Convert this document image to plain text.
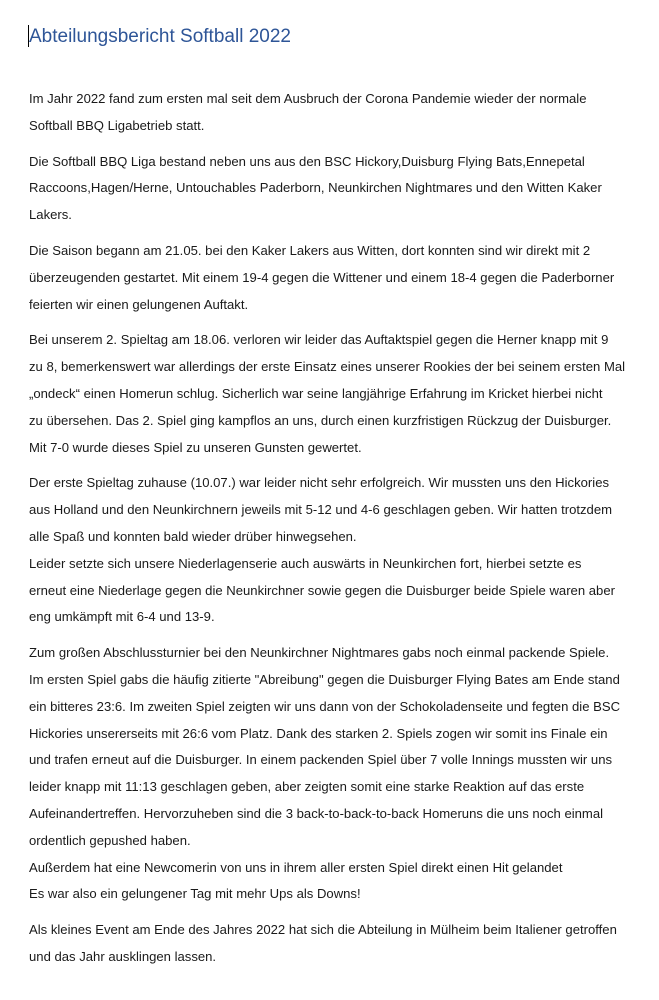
Abteilungsbericht Softball 2022

Im Jahr 2022 fand zum ersten mal seit dem Ausbruch der Corona Pandemie wieder der normale
Softball BBQ Ligabetrieb statt.

Die Softball BBQ Liga bestand neben uns aus den BSC Hickory,Duisburg Flying Bats,Ennepetal
Raccoons,Hagen/Herne, Untouchables Paderborn, Neunkirchen Nightmares und den Witten Kaker
Lakers.

Die Saison begann am 21.05. bei den Kaker Lakers aus Witten, dort konnten sind wir direkt mit 2
überzeugenden gestartet. Mit einem 19-4 gegen die Wittener und einem 18-4 gegen die Paderborner
feierten wir einen gelungenen Auftakt.

Bei unserem 2. Spieltag am 18.06. verloren wir leider das Auftaktspiel gegen die Herner knapp mit 9
zu 8, bemerkenswert war allerdings der erste Einsatz eines unserer Rookies der bei seinem ersten Mal
„ondeck“ einen Homerun schlug. Sicherlich war seine langjährige Erfahrung im Kricket hierbei nicht
zu übersehen. Das 2. Spiel ging kampflos an uns, durch einen kurzfristigen Rückzug der Duisburger.
Mit 7-0 wurde dieses Spiel zu unseren Gunsten gewertet.

Der erste Spieltag zuhause (10.07.) war leider nicht sehr erfolgreich. Wir mussten uns den Hickories
aus Holland und den Neunkirchnern jeweils mit 5-12 und 4-6 geschlagen geben. Wir hatten trotzdem
alle Spaß und konnten bald wieder drüber hinwegsehen.
Leider setzte sich unsere Niederlagenserie auch auswärts in Neunkirchen fort, hierbei setzte es
erneut eine Niederlage gegen die Neunkirchner sowie gegen die Duisburger beide Spiele waren aber
eng umkämpft mit 6-4 und 13-9.

Zum großen Abschlussturnier bei den Neunkirchner Nightmares gabs noch einmal packende Spiele.
Im ersten Spiel gabs die häufig zitierte "Abreibung" gegen die Duisburger Flying Bates am Ende stand
ein bitteres 23:6. Im zweiten Spiel zeigten wir uns dann von der Schokoladenseite und fegten die BSC
Hickories unsererseits mit 26:6 vom Platz. Dank des starken 2. Spiels zogen wir somit ins Finale ein
und trafen erneut auf die Duisburger. In einem packenden Spiel über 7 volle Innings mussten wir uns
leider knapp mit 11:13 geschlagen geben, aber zeigten somit eine starke Reaktion auf das erste
Aufeinandertreffen. Hervorzuheben sind die 3 back-to-back-to-back Homeruns die uns noch einmal
ordentlich gepushed haben.
Außerdem hat eine Newcomerin von uns in ihrem aller ersten Spiel direkt einen Hit gelandet
Es war also ein gelungener Tag mit mehr Ups als Downs!

Als kleines Event am Ende des Jahres 2022 hat sich die Abteilung in Mülheim beim Italiener getroffen
und das Jahr ausklingen lassen.
